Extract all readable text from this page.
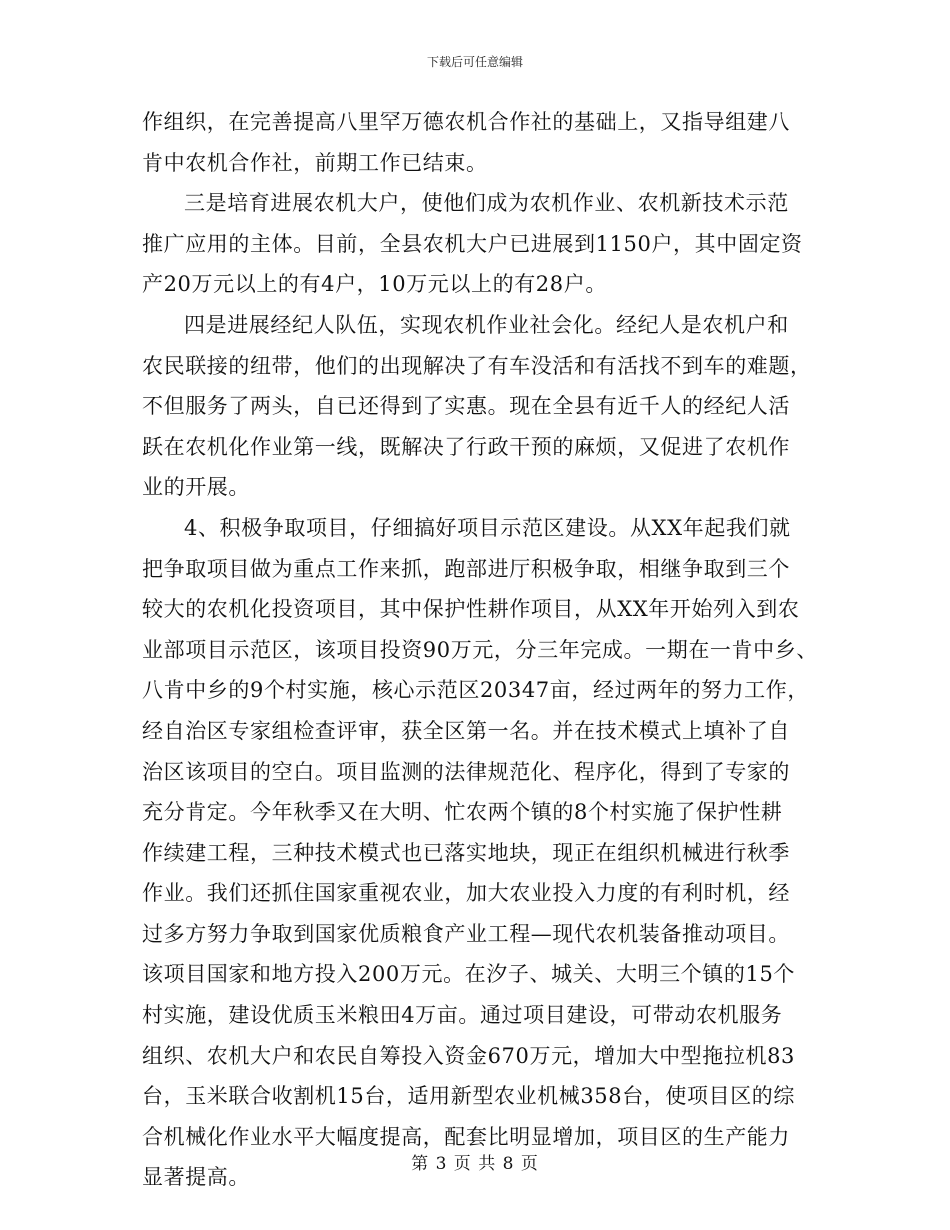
下载后可任意编辑
作组织，在完善提高八里罕万德农机合作社的基础上，又指导组建八
肯中农机合作社，前期工作已结束。
三是培育进展农机大户，使他们成为农机作业、农机新技术示范
推广应用的主体。目前，全县农机大户已进展到1150户，其中固定资
产20万元以上的有4户，10万元以上的有28户。
四是进展经纪人队伍，实现农机作业社会化。经纪人是农机户和
农民联接的纽带，他们的出现解决了有车没活和有活找不到车的难题，
不但服务了两头，自已还得到了实惠。现在全县有近千人的经纪人活
跃在农机化作业第一线，既解决了行政干预的麻烦，又促进了农机作
业的开展。
4、积极争取项目，仔细搞好项目示范区建设。从XX年起我们就
把争取项目做为重点工作来抓，跑部进厅积极争取，相继争取到三个
较大的农机化投资项目，其中保护性耕作项目，从XX年开始列入到农
业部项目示范区，该项目投资90万元，分三年完成。一期在一肯中乡、
八肯中乡的9个村实施，核心示范区20347亩，经过两年的努力工作，
经自治区专家组检查评审，获全区第一名。并在技术模式上填补了自
治区该项目的空白。项目监测的法律规范化、程序化，得到了专家的
充分肯定。今年秋季又在大明、忙农两个镇的8个村实施了保护性耕
作续建工程，三种技术模式也已落实地块，现正在组织机械进行秋季
作业。我们还抓住国家重视农业，加大农业投入力度的有利时机，经
过多方努力争取到国家优质粮食产业工程—现代农机装备推动项目。
该项目国家和地方投入200万元。在汐子、城关、大明三个镇的15个
村实施，建设优质玉米粮田4万亩。通过项目建设，可带动农机服务
组织、农机大户和农民自筹投入资金670万元，增加大中型拖拉机83
台，玉米联合收割机15台，适用新型农业机械358台，使项目区的综
合机械化作业水平大幅度提高，配套比明显增加，项目区的生产能力
显著提高。
第 3 页 共 8 页
